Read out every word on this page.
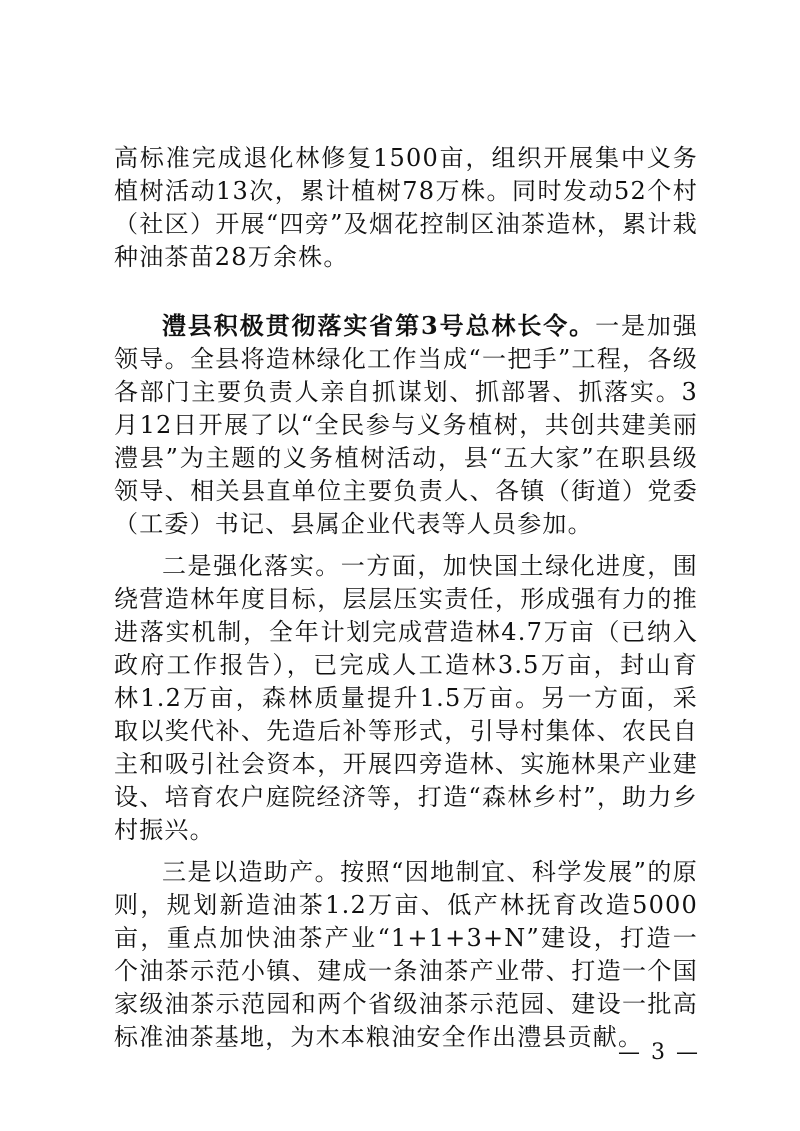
高标准完成退化林修复1500亩，组织开展集中义务植树活动13次，累计植树78万株。同时发动52个村（社区）开展“四旁”及烟花控制区油茶造林，累计栽种油茶苗28万余株。

澧县积极贯彻落实省第3号总林长令。一是加强领导。全县将造林绿化工作当成“一把手”工程，各级各部门主要负责人亲自抓谋划、抓部署、抓落实。3月12日开展了以“全民参与义务植树，共创共建美丽澧县”为主题的义务植树活动，县“五大家”在职县级领导、相关县直单位主要负责人、各镇（街道）党委（工委）书记、县属企业代表等人员参加。

二是强化落实。一方面，加快国土绿化进度，围绕营造林年度目标，层层压实责任，形成强有力的推进落实机制，全年计划完成营造林4.7万亩（已纳入政府工作报告），已完成人工造林3.5万亩，封山育林1.2万亩，森林质量提升1.5万亩。另一方面，采取以奖代补、先造后补等形式，引导村集体、农民自主和吸引社会资本，开展四旁造林、实施林果产业建设、培育农户庭院经济等，打造“森林乡村”，助力乡村振兴。

三是以造助产。按照“因地制宜、科学发展”的原则，规划新造油茶1.2万亩、低产林抚育改造5000亩，重点加快油茶产业“1+1+3+N”建设，打造一个油茶示范小镇、建成一条油茶产业带、打造一个国家级油茶示范园和两个省级油茶示范园、建设一批高标准油茶基地，为木本粮油安全作出澧县贡献。

— 3 —
